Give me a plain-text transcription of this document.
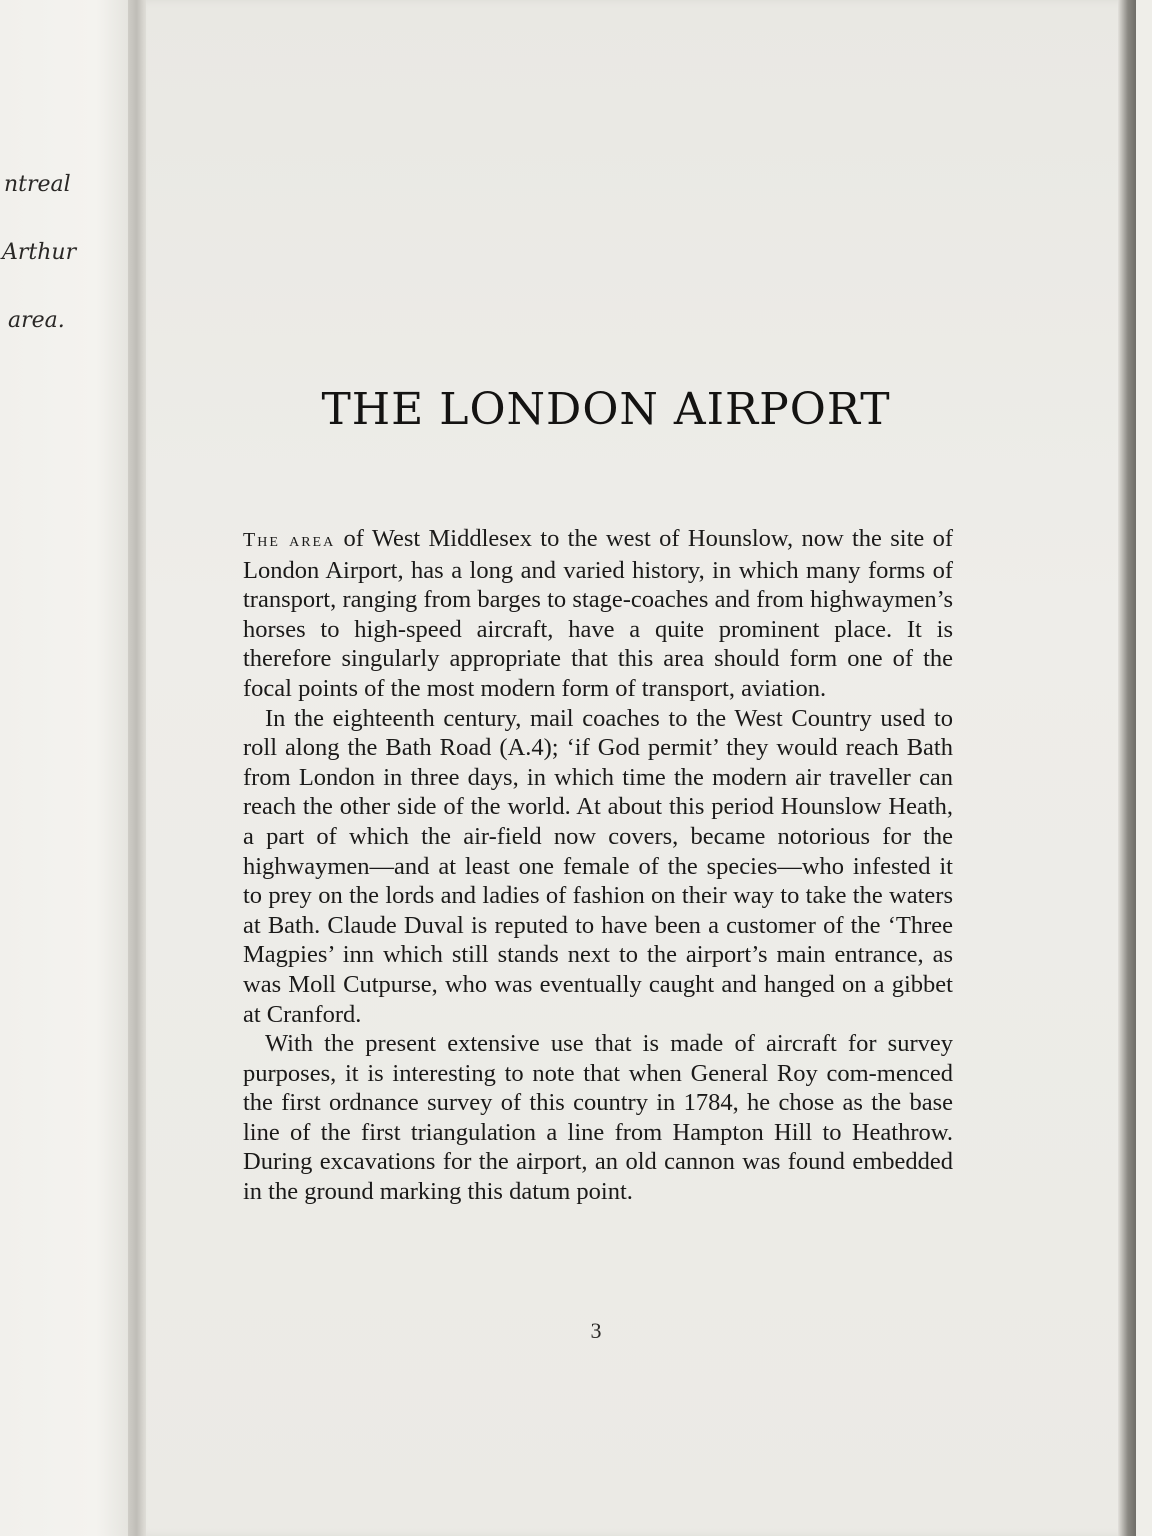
ntreal
Arthur
area.
THE LONDON AIRPORT

The area of West Middlesex to the west of Hounslow, now the site of London Airport, has a long and varied history, in which many forms of transport, ranging from barges to stage-coaches and from highwaymen’s horses to high-speed aircraft, have a quite prominent place. It is therefore singularly appropriate that this area should form one of the focal points of the most modern form of transport, aviation.

In the eighteenth century, mail coaches to the West Country used to roll along the Bath Road (A.4); ‘if God permit’ they would reach Bath from London in three days, in which time the modern air traveller can reach the other side of the world. At about this period Hounslow Heath, a part of which the air-field now covers, became notorious for the highwaymen—and at least one female of the species—who infested it to prey on the lords and ladies of fashion on their way to take the waters at Bath. Claude Duval is reputed to have been a customer of the ‘Three Magpies’ inn which still stands next to the airport’s main entrance, as was Moll Cutpurse, who was eventually caught and hanged on a gibbet at Cranford.

With the present extensive use that is made of aircraft for survey purposes, it is interesting to note that when General Roy com-menced the first ordnance survey of this country in 1784, he chose as the base line of the first triangulation a line from Hampton Hill to Heathrow. During excavations for the airport, an old cannon was found embedded in the ground marking this datum point.

3
